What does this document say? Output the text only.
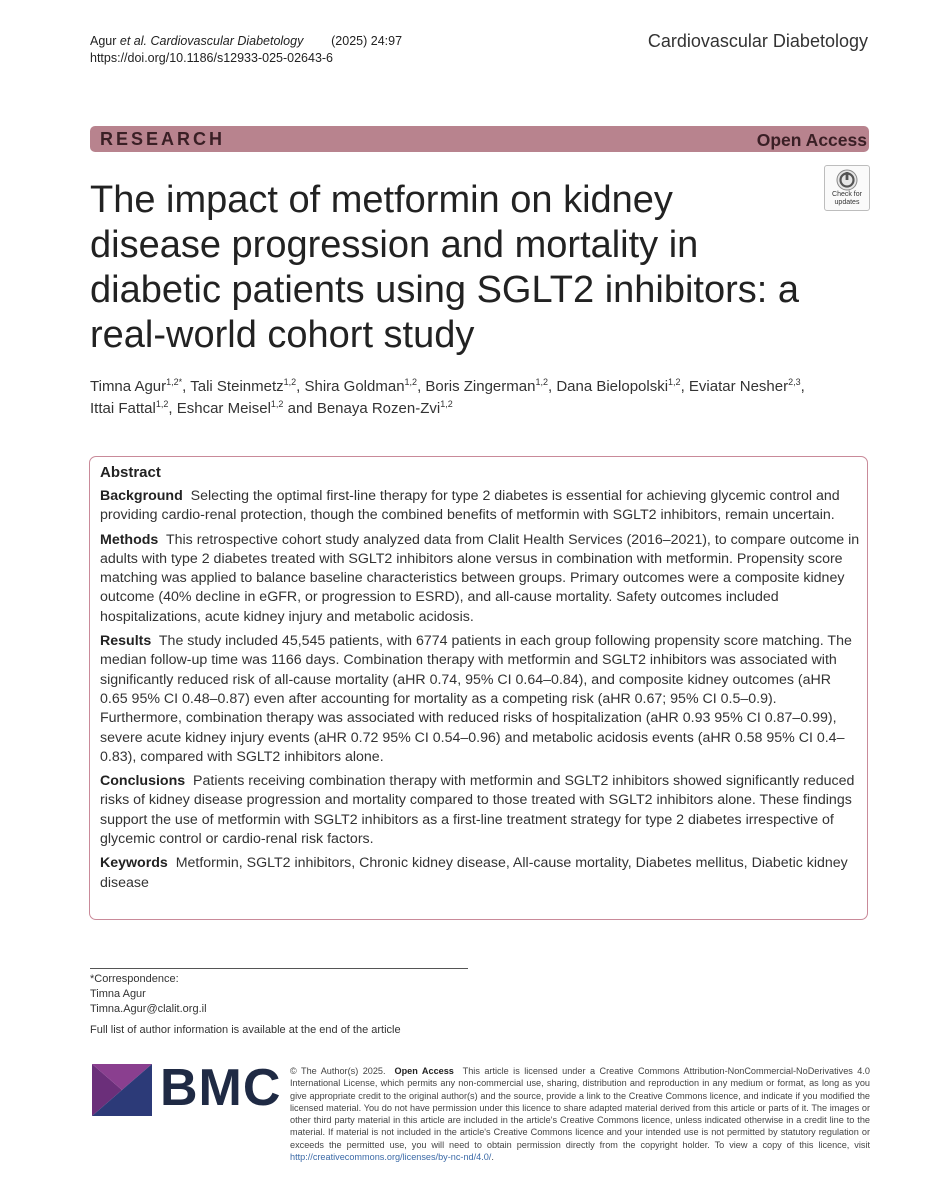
Agur et al. Cardiovascular Diabetology (2025) 24:97
https://doi.org/10.1186/s12933-025-02643-6
Cardiovascular Diabetology
RESEARCH	Open Access
Check for
updates
The impact of metformin on kidney disease progression and mortality in diabetic patients using SGLT2 inhibitors: a real-world cohort study
Timna Agur$^{1,2*}$, Tali Steinmetz$^{1,2}$, Shira Goldman$^{1,2}$, Boris Zingerman$^{1,2}$, Dana Bielopolski$^{1,2}$, Eviatar Nesher$^{2,3}$,
Ittai Fattal$^{1,2}$, Eshcar Meisel$^{1,2}$ and Benaya Rozen-Zvi$^{1,2}$
Abstract

Background Selecting the optimal first-line therapy for type 2 diabetes is essential for achieving glycemic control and providing cardio-renal protection, though the combined benefits of metformin with SGLT2 inhibitors, remain uncertain.

Methods This retrospective cohort study analyzed data from Clalit Health Services (2016–2021), to compare outcome in adults with type 2 diabetes treated with SGLT2 inhibitors alone versus in combination with metformin. Propensity score matching was applied to balance baseline characteristics between groups. Primary outcomes were a composite kidney outcome (40% decline in eGFR, or progression to ESRD), and all-cause mortality. Safety outcomes included hospitalizations, acute kidney injury and metabolic acidosis.

Results The study included 45,545 patients, with 6774 patients in each group following propensity score matching. The median follow-up time was 1166 days. Combination therapy with metformin and SGLT2 inhibitors was associated with significantly reduced risk of all-cause mortality (aHR 0.74, 95% CI 0.64–0.84), and composite kidney outcomes (aHR 0.65 95% CI 0.48–0.87) even after accounting for mortality as a competing risk (aHR 0.67; 95% CI 0.5–0.9). Furthermore, combination therapy was associated with reduced risks of hospitalization (aHR 0.93 95% CI 0.87–0.99), severe acute kidney injury events (aHR 0.72 95% CI 0.54–0.96) and metabolic acidosis events (aHR 0.58 95% CI 0.4–0.83), compared with SGLT2 inhibitors alone.

Conclusions Patients receiving combination therapy with metformin and SGLT2 inhibitors showed significantly reduced risks of kidney disease progression and mortality compared to those treated with SGLT2 inhibitors alone. These findings support the use of metformin with SGLT2 inhibitors as a first-line treatment strategy for type 2 diabetes irrespective of glycemic control or cardio-renal risk factors.

Keywords Metformin, SGLT2 inhibitors, Chronic kidney disease, All-cause mortality, Diabetes mellitus, Diabetic kidney disease

*Correspondence:
Timna Agur
Timna.Agur@clalit.org.il
Full list of author information is available at the end of the article
BMC © The Author(s) 2025. Open Access This article is licensed under a Creative Commons Attribution-NonCommercial-NoDerivatives 4.0 International License, which permits any non-commercial use, sharing, distribution and reproduction in any medium or format, as long as you give appropriate credit to the original author(s) and the source, provide a link to the Creative Commons licence, and indicate if you modified the licensed material. You do not have permission under this licence to share adapted material derived from this article or parts of it. The images or other third party material in this article are included in the article's Creative Commons licence, unless indicated otherwise in a credit line to the material. If material is not included in the article's Creative Commons licence and your intended use is not permitted by statutory regulation or exceeds the permitted use, you will need to obtain permission directly from the copyright holder. To view a copy of this licence, visit http://creativecommons.org/licenses/by-nc-nd/4.0/.
